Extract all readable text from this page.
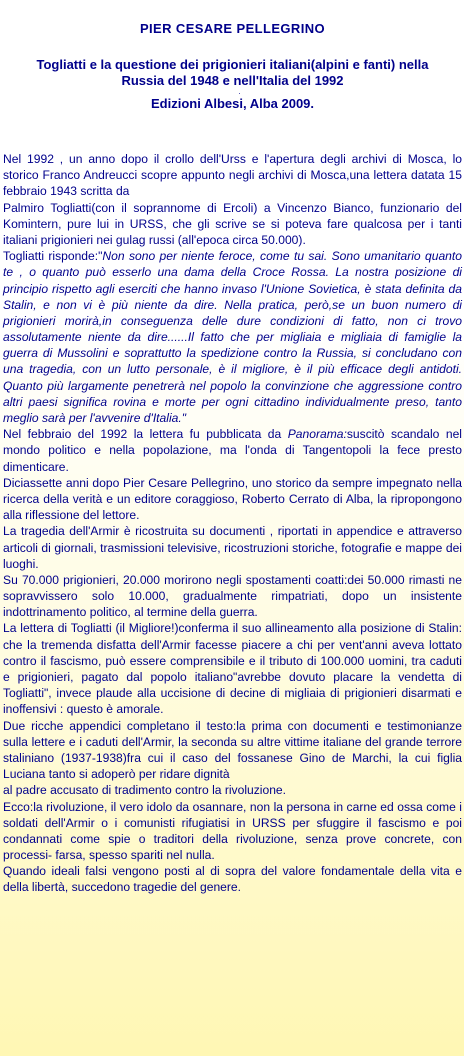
PIER CESARE PELLEGRINO
Togliatti e la questione dei prigionieri italiani(alpini e fanti) nella
Russia del 1948 e nell'Italia del 1992
.
Edizioni Albesi, Alba 2009.

Nel 1992 , un anno dopo il crollo dell'Urss e l'apertura degli archivi di Mosca, lo storico Franco Andreucci scopre appunto negli archivi di Mosca,una lettera datata 15 febbraio 1943 scritta da

Palmiro Togliatti(con il soprannome di Ercoli) a Vincenzo Bianco, funzionario del Komintern, pure lui in URSS, che gli scrive se si poteva fare qualcosa per i tanti italiani prigionieri nei gulag russi (all'epoca circa 50.000).

Togliatti risponde:"Non sono per niente feroce, come tu sai. Sono umanitario quanto te , o quanto può esserlo una dama della Croce Rossa. La nostra posizione di principio rispetto agli eserciti che hanno invaso l'Unione Sovietica, è stata definita da Stalin, e non vi è più niente da dire. Nella pratica, però,se un buon numero di prigionieri morirà,in conseguenza delle dure condizioni di fatto, non ci trovo assolutamente niente da dire......Il fatto che per migliaia e migliaia di famiglie la guerra di Mussolini e soprattutto la spedizione contro la Russia, si concludano con una tragedia, con un lutto personale, è il migliore, è il più efficace degli antidoti. Quanto più largamente penetrerà nel popolo la convinzione che aggressione contro altri paesi significa rovina e morte per ogni cittadino individualmente preso, tanto meglio sarà per l'avvenire d'Italia."

Nel febbraio del 1992 la lettera fu pubblicata da Panorama:suscitò scandalo nel mondo politico e nella popolazione, ma l'onda di Tangentopoli la fece presto dimenticare.

Diciassette anni dopo Pier Cesare Pellegrino, uno storico da sempre impegnato nella ricerca della verità e un editore coraggioso, Roberto Cerrato di Alba, la ripropongono alla riflessione del lettore.

La tragedia dell'Armir è ricostruita su documenti , riportati in appendice e attraverso articoli di giornali, trasmissioni televisive, ricostruzioni storiche, fotografie e mappe dei luoghi.

Su 70.000 prigionieri, 20.000 morirono negli spostamenti coatti:dei 50.000 rimasti ne sopravvissero solo 10.000, gradualmente rimpatriati, dopo un insistente indottrinamento politico, al termine della guerra.

La lettera di Togliatti (il Migliore!)conferma il suo allineamento alla posizione di Stalin: che la tremenda disfatta dell'Armir facesse piacere a chi per vent'anni aveva lottato contro il fascismo, può essere comprensibile e il tributo di 100.000 uomini, tra caduti e prigionieri, pagato dal popolo italiano"avrebbe dovuto placare la vendetta di Togliatti", invece plaude alla uccisione di decine di migliaia di prigionieri disarmati e inoffensivi : questo è amorale.

Due ricche appendici completano il testo:la prima con documenti e testimonianze sulla lettere e i caduti dell'Armir, la seconda su altre vittime italiane del grande terrore staliniano (1937-1938)fra cui il caso del fossanese Gino de Marchi, la cui figlia Luciana tanto si adoperò per ridare dignità

al padre accusato di tradimento contro la rivoluzione.

Ecco:la rivoluzione, il vero idolo da osannare, non la persona in carne ed ossa come i soldati dell'Armir o i comunisti rifugiatisi in URSS per sfuggire il fascismo e poi condannati come spie o traditori della rivoluzione, senza prove concrete, con processi- farsa, spesso spariti nel nulla.

Quando ideali falsi vengono posti al di sopra del valore fondamentale della vita e della libertà, succedono tragedie del genere.
